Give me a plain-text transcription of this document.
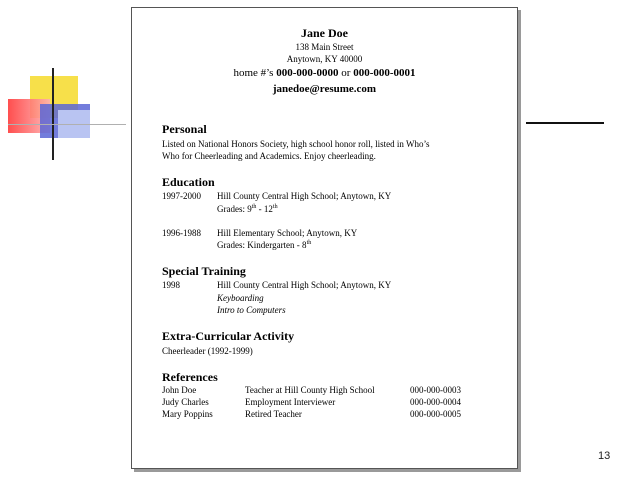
Jane Doe
138 Main Street
Anytown, KY 40000
home #’s 000-000-0000 or 000-000-0001
janedoe@resume.com
Personal
Listed on National Honors Society, high school honor roll, listed in Who’s
Who for Cheerleading and Academics. Enjoy cheerleading.
Education
1997-2000 Hill County Central High School; Anytown, KY
Grades: 9th - 12th
1996-1988 Hill Elementary School; Anytown, KY
Grades: Kindergarten - 8th
Special Training
1998	Hill County Central High School; Anytown, KY
Keyboarding
Intro to Computers
Extra-Curricular Activity
Cheerleader (1992-1999)
References
John Doe	Teacher at Hill County High School	000-000-0003
Judy Charles	Employment Interviewer	000-000-0004
Mary Poppins	Retired Teacher	000-000-0005
13
